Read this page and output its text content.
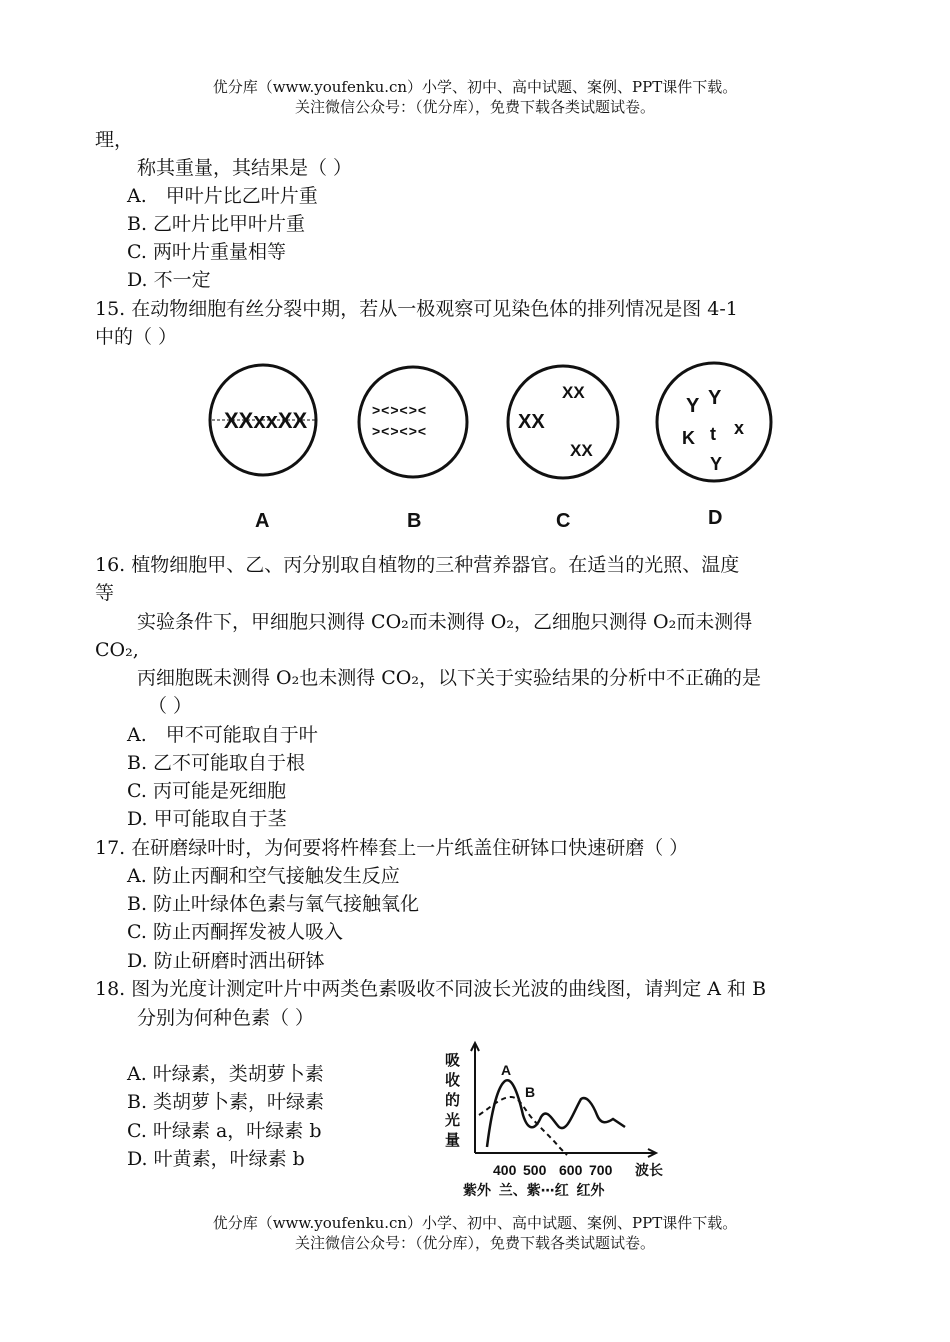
优分库（www.youfenku.cn）小学、初中、高中试题、案例、PPT课件下载。
关注微信公众号：（优分库），免费下载各类试题试卷。
理，
称其重量，其结果是（ ）
A.　甲叶片比乙叶片重
B. 乙叶片比甲叶片重
C. 两叶片重量相等
D. 不一定
15. 在动物细胞有丝分裂中期，若从一极观察可见染色体的排列情况是图 4-1
中的（ ）
XXxxXX	><><><
><><><
XX
XX
XX
Y Y
K t x
Y
A	B	C	D
16. 植物细胞甲、乙、丙分别取自植物的三种营养器官。在适当的光照、温度
等
实验条件下，甲细胞只测得 CO₂而未测得 O₂，乙细胞只测得 O₂而未测得
CO₂,
丙细胞既未测得 O₂也未测得 CO₂，以下关于实验结果的分析中不正确的是
（ ）
A.　甲不可能取自于叶
B. 乙不可能取自于根
C. 丙可能是死细胞
D. 甲可能取自于茎
17. 在研磨绿叶时，为何要将杵棒套上一片纸盖住研钵口快速研磨（ ）
A. 防止丙酮和空气接触发生反应
B. 防止叶绿体色素与氧气接触氧化
C. 防止丙酮挥发被人吸入
D. 防止研磨时洒出研钵
18. 图为光度计测定叶片中两类色素吸收不同波长光波的曲线图，请判定 A 和 B
分别为何种色素（ ）
A. 叶绿素，类胡萝卜素
B. 类胡萝卜素，叶绿素
C. 叶绿素 a，叶绿素 b
D. 叶黄素，叶绿素 b
吸
收
的
光
量
A
B
400 500 600 700 波长
紫外  兰、紫⋯红  红外
优分库（www.youfenku.cn）小学、初中、高中试题、案例、PPT课件下载。
关注微信公众号：（优分库），免费下载各类试题试卷。
